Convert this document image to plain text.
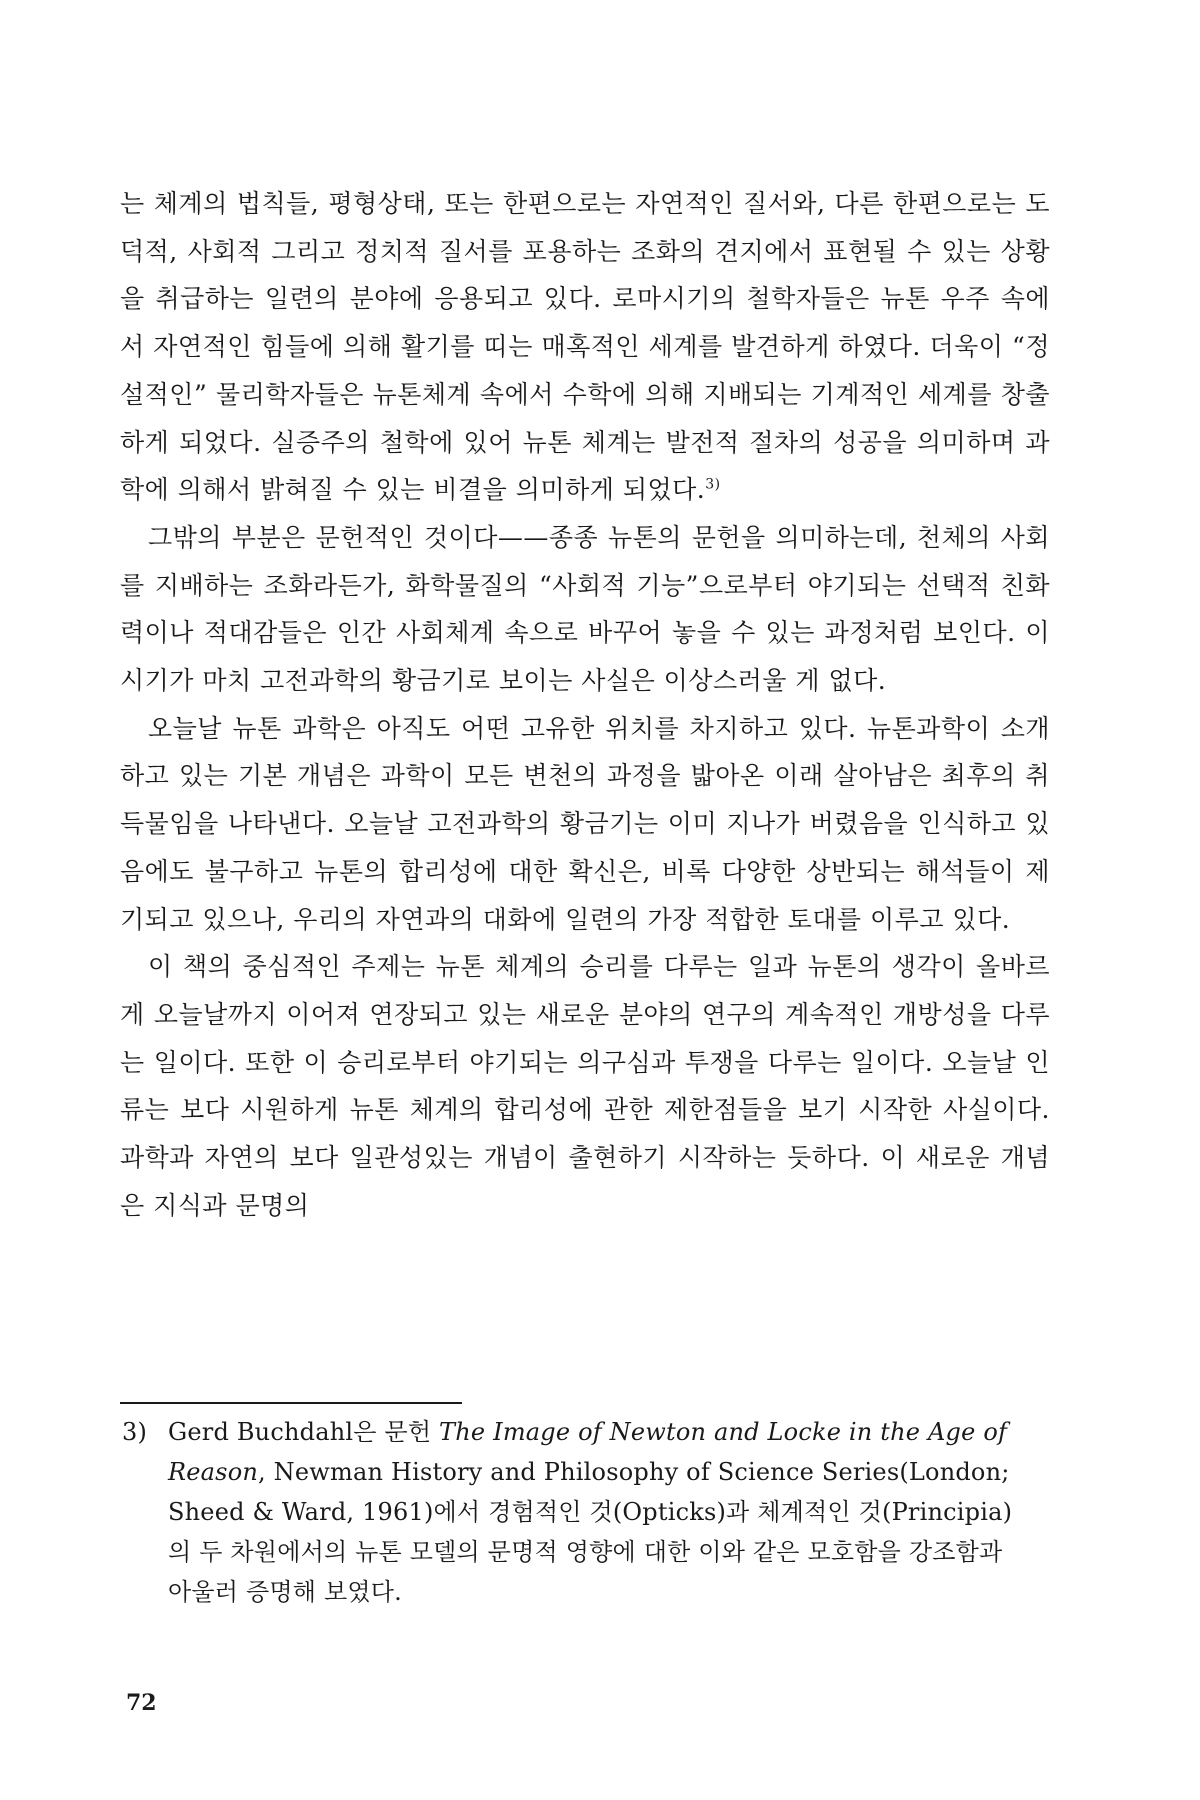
는 체계의 법칙들, 평형상태, 또는 한편으로는 자연적인 질서와, 다른 한편으로는 도덕적, 사회적 그리고 정치적 질서를 포용하는 조화의 견지에서 표현될 수 있는 상황을 취급하는 일련의 분야에 응용되고 있다. 로마시기의 철학자들은 뉴톤 우주 속에서 자연적인 힘들에 의해 활기를 띠는 매혹적인 세계를 발견하게 하였다. 더욱이 “정설적인” 물리학자들은 뉴톤체계 속에서 수학에 의해 지배되는 기계적인 세계를 창출하게 되었다. 실증주의 철학에 있어 뉴톤 체계는 발전적 절차의 성공을 의미하며 과학에 의해서 밝혀질 수 있는 비결을 의미하게 되었다.$^{3)}$

그밖의 부분은 문헌적인 것이다——종종 뉴톤의 문헌을 의미하는데, 천체의 사회를 지배하는 조화라든가, 화학물질의 “사회적 기능”으로부터 야기되는 선택적 친화력이나 적대감들은 인간 사회체계 속으로 바꾸어 놓을 수 있는 과정처럼 보인다. 이 시기가 마치 고전과학의 황금기로 보이는 사실은 이상스러울 게 없다.

오늘날 뉴톤 과학은 아직도 어떤 고유한 위치를 차지하고 있다. 뉴톤과학이 소개하고 있는 기본 개념은 과학이 모든 변천의 과정을 밟아온 이래 살아남은 최후의 취득물임을 나타낸다. 오늘날 고전과학의 황금기는 이미 지나가 버렸음을 인식하고 있음에도 불구하고 뉴톤의 합리성에 대한 확신은, 비록 다양한 상반되는 해석들이 제기되고 있으나, 우리의 자연과의 대화에 일련의 가장 적합한 토대를 이루고 있다.

이 책의 중심적인 주제는 뉴톤 체계의 승리를 다루는 일과 뉴톤의 생각이 올바르게 오늘날까지 이어져 연장되고 있는 새로운 분야의 연구의 계속적인 개방성을 다루는 일이다. 또한 이 승리로부터 야기되는 의구심과 투쟁을 다루는 일이다. 오늘날 인류는 보다 시원하게 뉴톤 체계의 합리성에 관한 제한점들을 보기 시작한 사실이다. 과학과 자연의 보다 일관성있는 개념이 출현하기 시작하는 듯하다. 이 새로운 개념은 지식과 문명의

3) Gerd Buchdahl은 문헌 The Image of Newton and Locke in the Age of
Reason, Newman History and Philosophy of Science Series(London;
Sheed & Ward, 1961)에서 경험적인 것(Opticks)과 체계적인 것(Principia)
의 두 차원에서의 뉴톤 모델의 문명적 영향에 대한 이와 같은 모호함을 강조함과
아울러 증명해 보였다.
72
